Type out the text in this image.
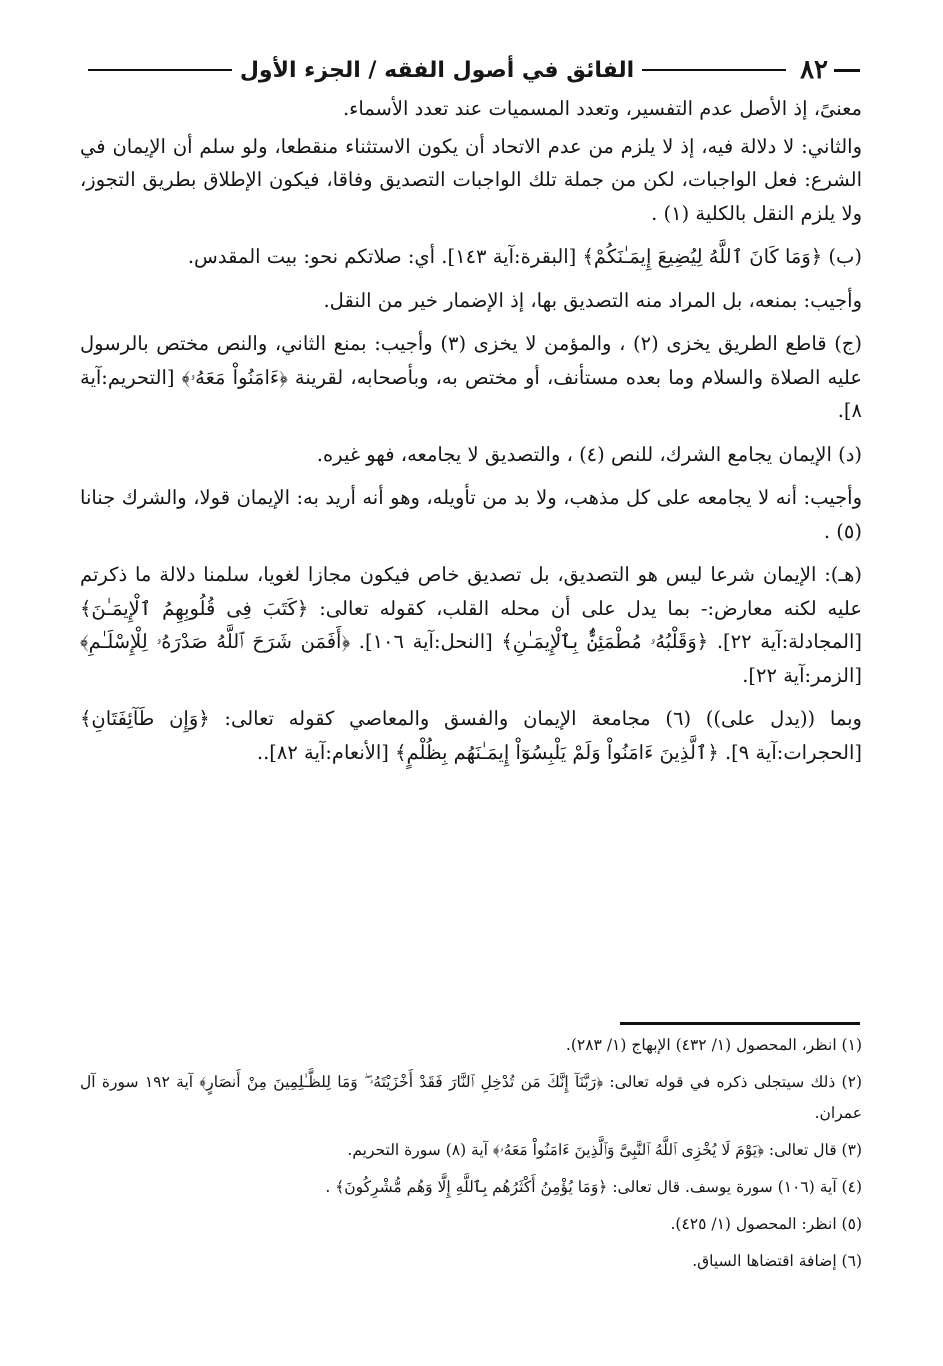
٨٢
الفائق في أصول الفقه / الجزء الأول

معنىً، إذ الأصل عدم التفسير، وتعدد المسميات عند تعدد الأسماء.

والثاني: لا دلالة فيه، إذ لا يلزم من عدم الاتحاد أن يكون الاستثناء منقطعا، ولو سلم أن الإيمان في الشرع: فعل الواجبات، لكن من جملة تلك الواجبات التصديق وفاقا، فيكون الإطلاق بطريق التجوز، ولا يلزم النقل بالكلية (١) .

(ب) ﴿وَمَا كَانَ ٱللَّهُ لِيُضِيعَ إِيمَـٰنَكُمْ﴾ [البقرة:آية ١٤٣]. أي: صلاتكم نحو: بيت المقدس.

وأجيب: بمنعه، بل المراد منه التصديق بها، إذ الإضمار خير من النقل.

(ج) قاطع الطريق يخزى (٢) ، والمؤمن لا يخزى (٣) وأجيب: بمنع الثاني، والنص مختص بالرسول عليه الصلاة والسلام وما بعده مستأنف، أو مختص به، وبأصحابه، لقرينة ﴿ءَامَنُواْ مَعَهُۥ﴾ [التحريم:آية ٨].

(د) الإيمان يجامع الشرك، للنص (٤) ، والتصديق لا يجامعه، فهو غيره.

وأجيب: أنه لا يجامعه على كل مذهب، ولا بد من تأويله، وهو أنه أريد به: الإيمان قولا، والشرك جنانا (٥) .

(هـ): الإيمان شرعا ليس هو التصديق، بل تصديق خاص فيكون مجازا لغويا، سلمنا دلالة ما ذكرتم عليه لكنه معارض:- بما يدل على أن محله القلب، كقوله تعالى: ﴿كَتَبَ فِى قُلُوبِهِمُ ٱلْإِيمَـٰنَ﴾ [المجادلة:آية ٢٢]. ﴿وَقَلْبُهُۥ مُطْمَئِنٌّۢ بِٱلْإِيمَـٰنِ﴾ [النحل:آية ١٠٦]. ﴿أَفَمَن شَرَحَ ٱللَّهُ صَدْرَهُۥ لِلْإِسْلَـٰمِ﴾ [الزمر:آية ٢٢].

وبما ((يدل على)) (٦) مجامعة الإيمان والفسق والمعاصي كقوله تعالى: ﴿وَإِن طَآئِفَتَانِ﴾ [الحجرات:آية ٩]. ﴿ٱلَّذِينَ ءَامَنُواْ وَلَمْ يَلْبِسُوٓاْ إِيمَـٰنَهُم بِظُلْمٍ﴾ [الأنعام:آية ٨٢]..

(١) انظر، المحصول (١/ ٤٣٢) الإبهاج (١/ ٢٨٣).

(٢) ذلك سيتجلى ذكره في قوله تعالى: ﴿رَبَّنَآ إِنَّكَ مَن تُدْخِلِ ٱلنَّارَ فَقَدْ أَخْزَيْتَهُۥ ۖ وَمَا لِلظَّـٰلِمِينَ مِنْ أَنصَارٍ﴾ آية ١٩٢ سورة آل عمران.

(٣) قال تعالى: ﴿يَوْمَ لَا يُخْزِى ٱللَّهُ ٱلنَّبِىَّ وَٱلَّذِينَ ءَامَنُواْ مَعَهُۥ﴾ آية (٨) سورة التحريم.

(٤) آية (١٠٦) سورة يوسف. قال تعالى: ﴿وَمَا يُؤْمِنُ أَكْثَرُهُم بِٱللَّهِ إِلَّا وَهُم مُّشْرِكُونَ﴾ .

(٥) انظر: المحصول (١/ ٤٢٥).

(٦) إضافة اقتضاها السياق.
